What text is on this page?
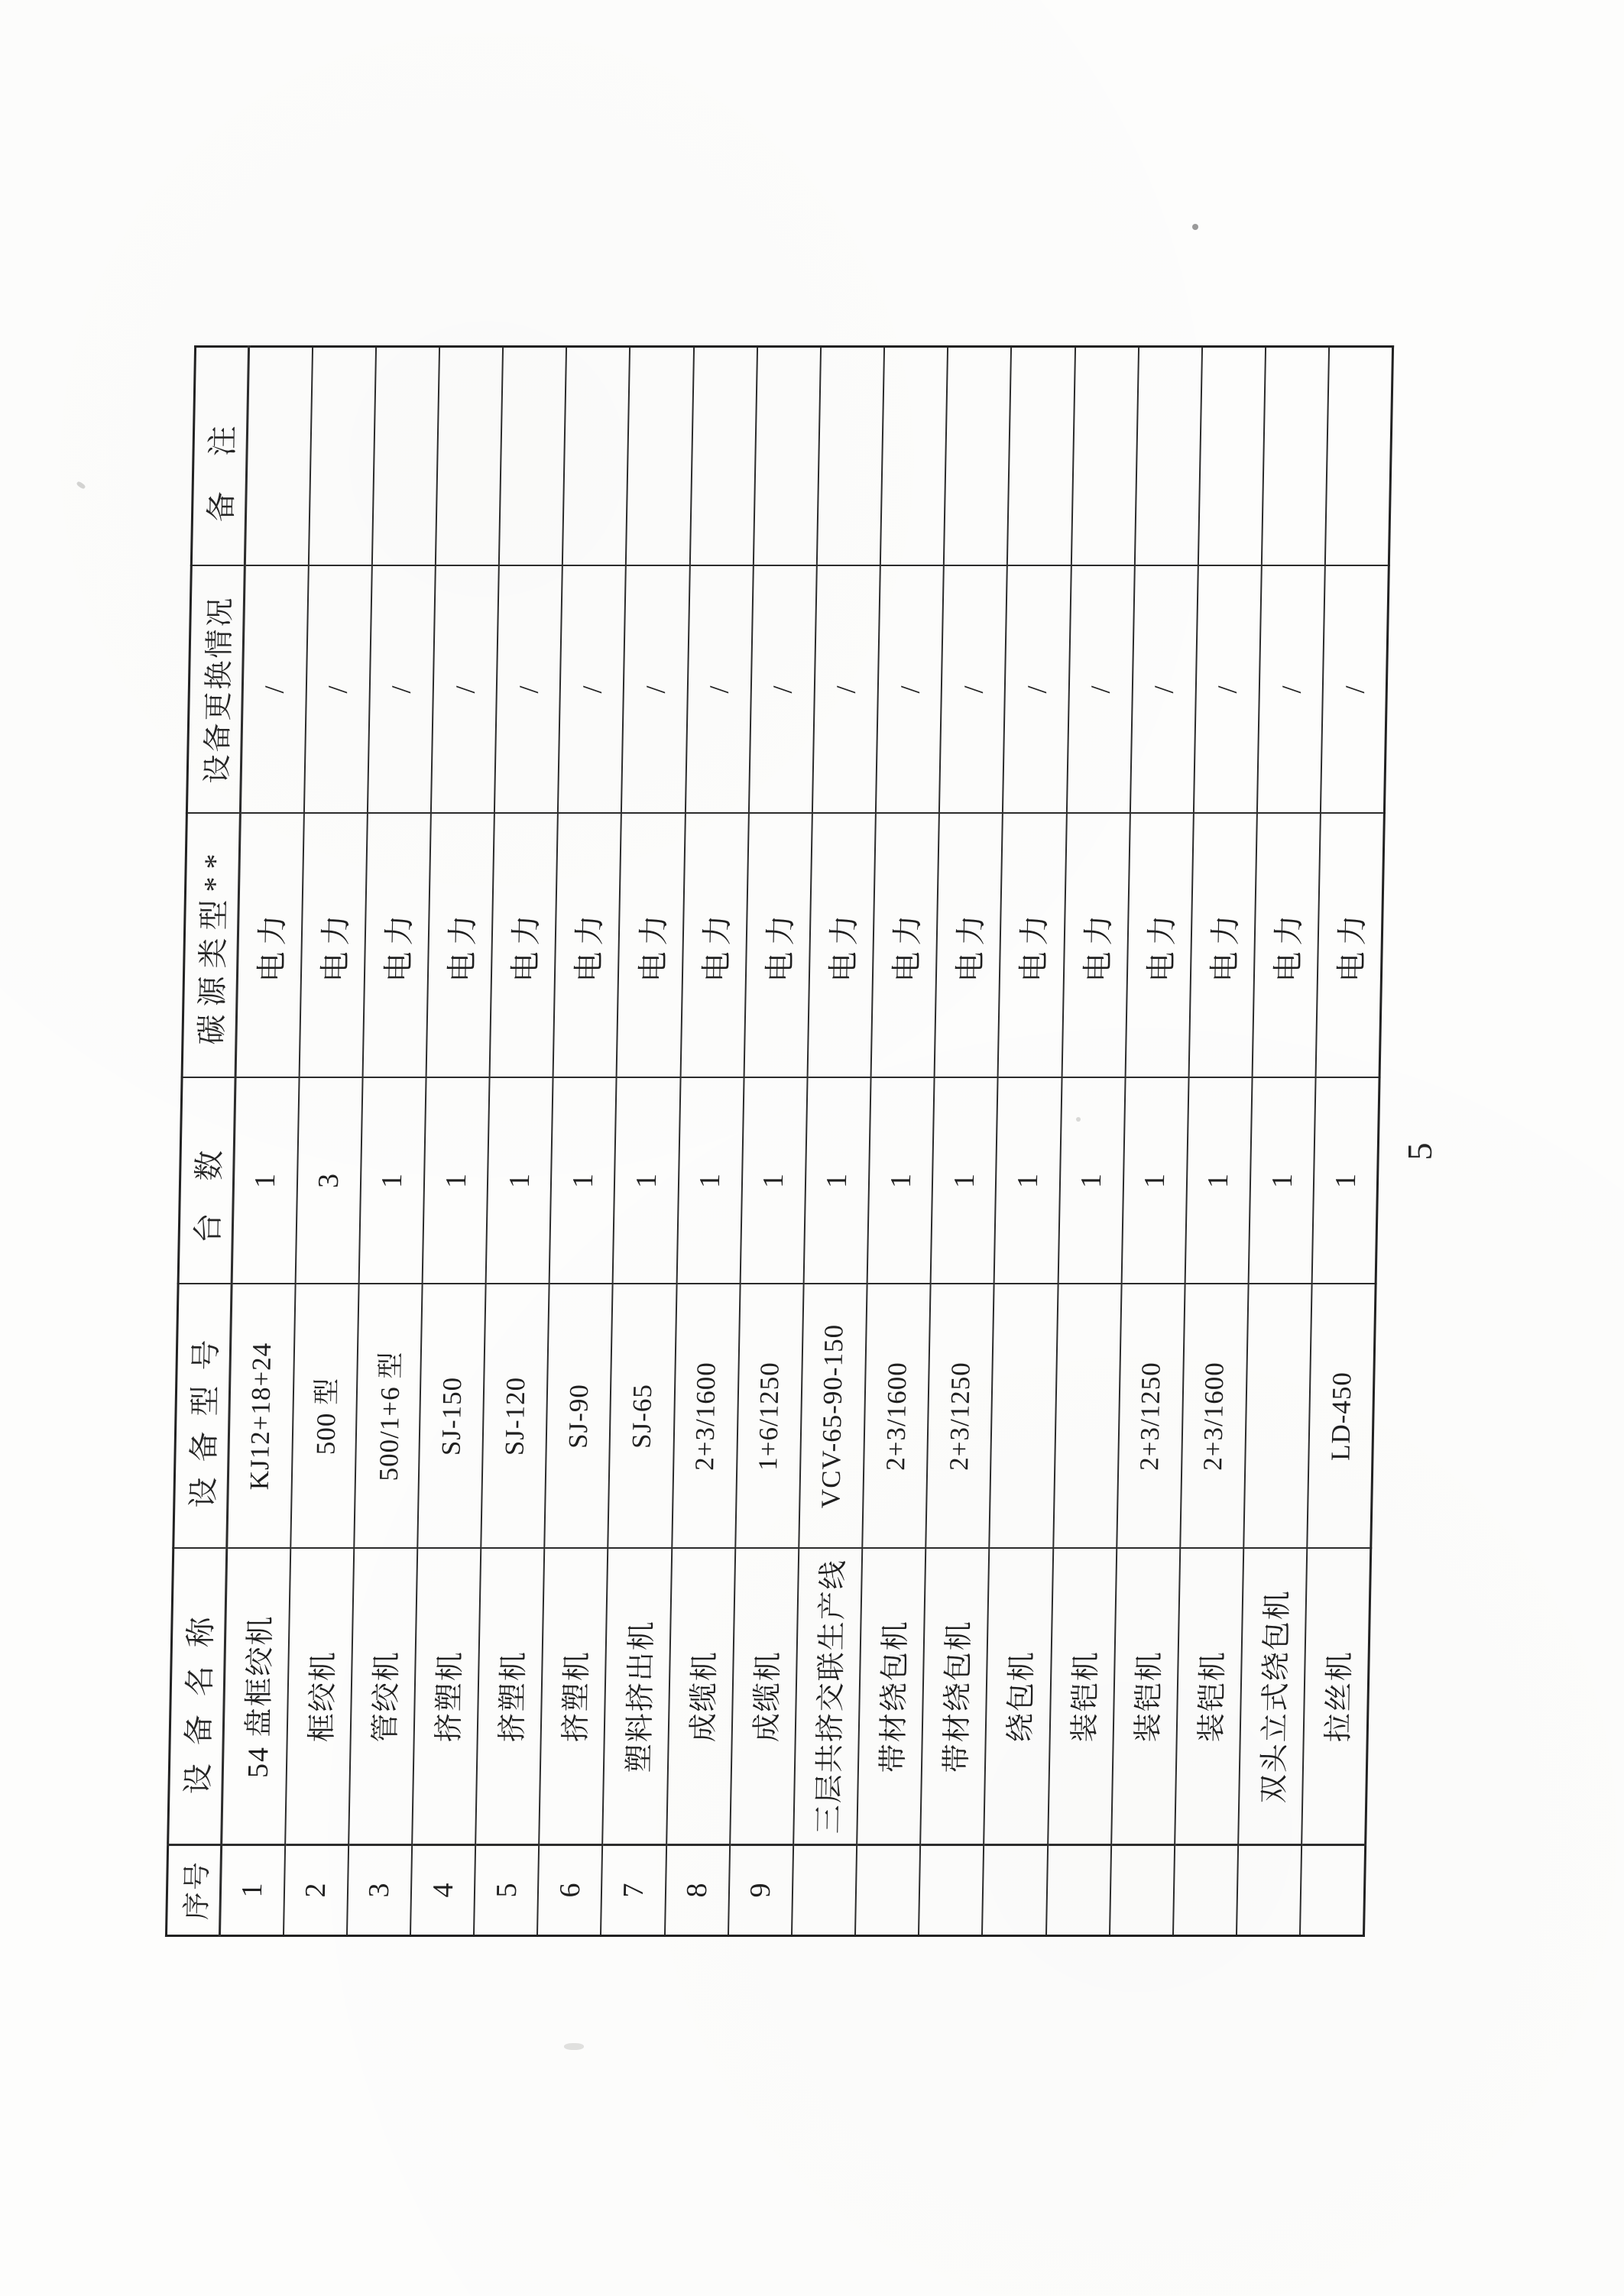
序号	设备名称	设备型号	台数	碳源类型**	设备更换情况	备注
1	54 盘框绞机	KJ12+18+24	1	电力	/	
2	框绞机	500 型	3	电力	/	
3	管绞机	500/1+6 型	1	电力	/	
4	挤塑机	SJ-150	1	电力	/	
5	挤塑机	SJ-120	1	电力	/	
6	挤塑机	SJ-90	1	电力	/	
7	塑料挤出机	SJ-65	1	电力	/	
8	成缆机	2+3/1600	1	电力	/	
9	成缆机	1+6/1250	1	电力	/	
	三层共挤交联生产线	VCV-65-90-150	1	电力	/	
	带材绕包机	2+3/1600	1	电力	/	
	带材绕包机	2+3/1250	1	电力	/	
	绕包机		1	电力	/	
	装铠机		1	电力	/	
	装铠机	2+3/1250	1	电力	/	
	装铠机	2+3/1600	1	电力	/	
	双头立式绕包机		1	电力	/	
	拉丝机	LD-450	1	电力	/	
5
